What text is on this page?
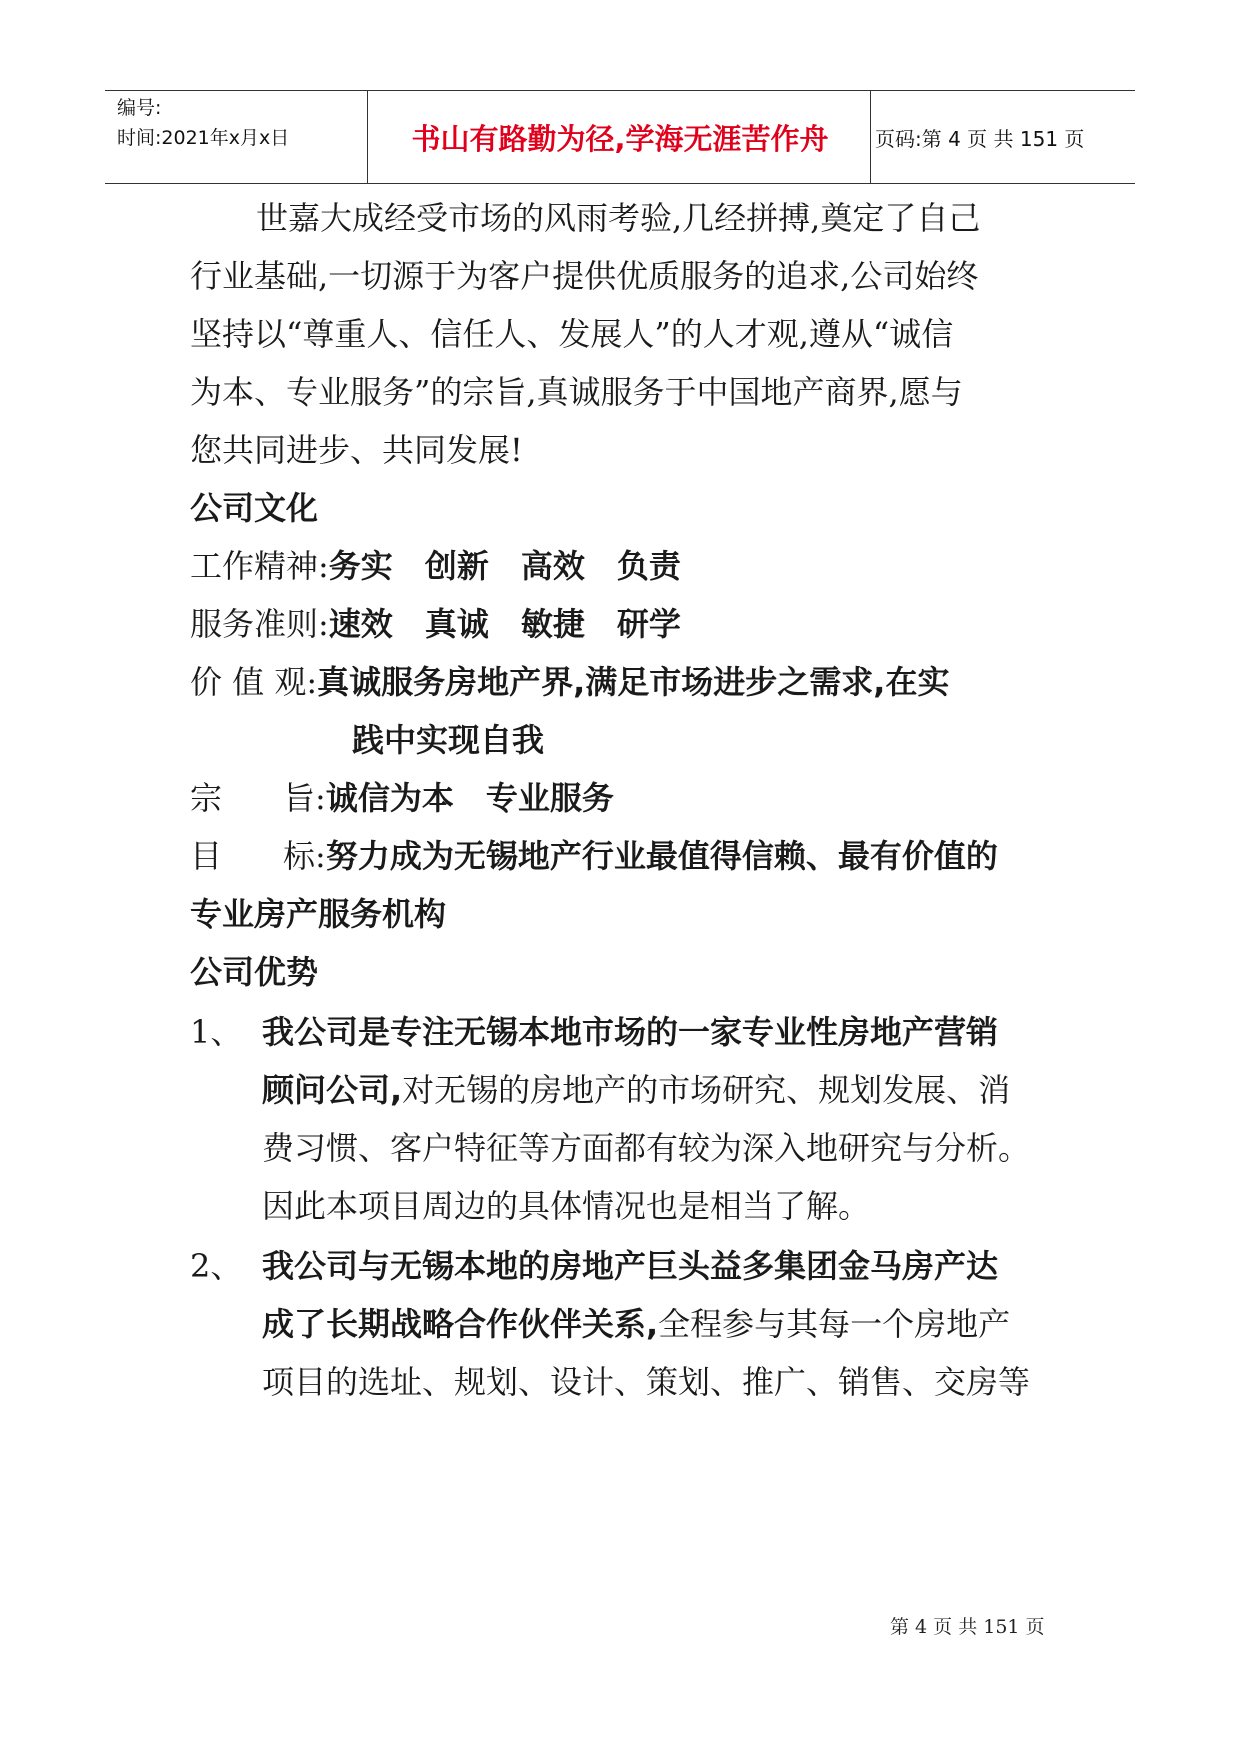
编号:
时间:2021年x月x日	书山有路勤为径,学海无涯苦作舟	页码:第 4 页 共 151 页
世嘉大成经受市场的风雨考验,几经拼搏,奠定了自己
行业基础,一切源于为客户提供优质服务的追求,公司始终
坚持以“尊重人、信任人、发展人”的人才观,遵从“诚信
为本、专业服务”的宗旨,真诚服务于中国地产商界,愿与
您共同进步、共同发展!
公司文化
工作精神:务实 创新 高效 负责
服务准则:速效 真诚 敏捷 研学
价 值 观:真诚服务房地产界,满足市场进步之需求,在实
践中实现自我
宗      旨:诚信为本 专业服务
目      标:努力成为无锡地产行业最值得信赖、最有价值的
专业房产服务机构
公司优势
1、 我公司是专注无锡本地市场的一家专业性房地产营销
顾问公司,对无锡的房地产的市场研究、规划发展、消
费习惯、客户特征等方面都有较为深入地研究与分析。
因此本项目周边的具体情况也是相当了解。
2、 我公司与无锡本地的房地产巨头益多集团金马房产达
成了长期战略合作伙伴关系,全程参与其每一个房地产
项目的选址、规划、设计、策划、推广、销售、交房等
第 4 页 共 151 页
